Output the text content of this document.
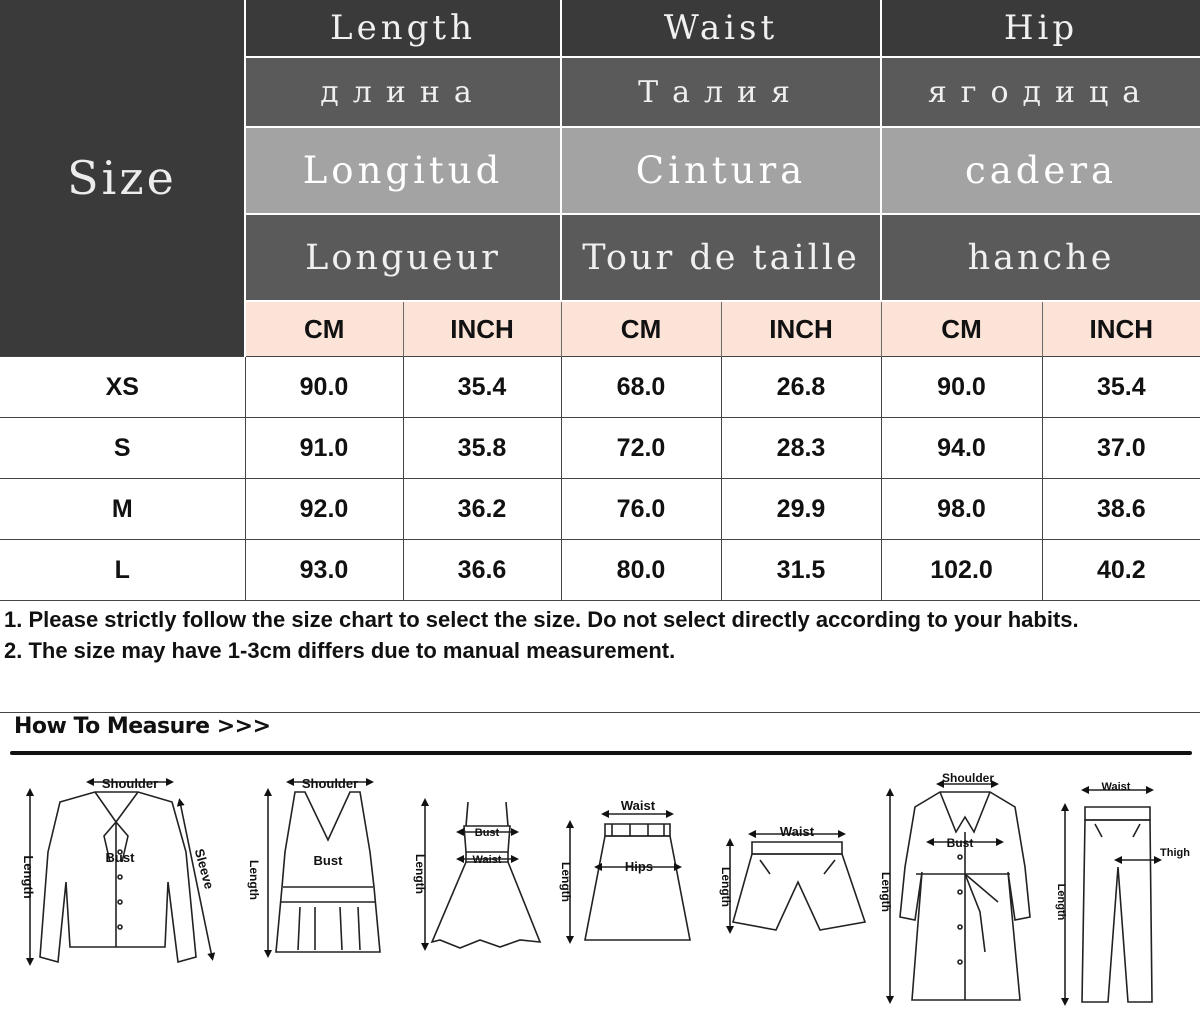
Size	Length		Waist		Hip	
	длина		Талия		ягодица	
	Longitud		Cintura		cadera	
	Longueur		Tour de taille		hanche	
	CM	INCH	CM	INCH	CM	INCH
XS	90.0	35.4	68.0	26.8	90.0	35.4
S	91.0	35.8	72.0	28.3	94.0	37.0
M	92.0	36.2	76.0	29.9	98.0	38.6
L	93.0	36.6	80.0	31.5	102.0	40.2

1. Please strictly follow the size chart to select the size. Do not select directly according to your habits.

2. The size may have 1-3cm differs due to manual measurement.

How To Measure >>>
Shoulder
Bust
Length	Sleeve
Shoulder
Bust
Length
Bust
Waist
Length
Waist
Hips
Length
Waist
Length
Shoulder
Bust
Length
Waist
Thigh
Length
